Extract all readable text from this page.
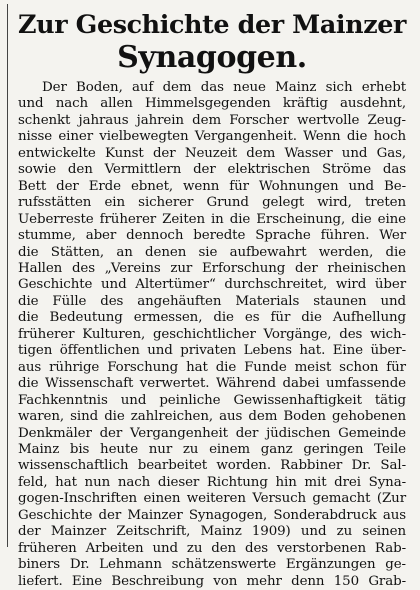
Zur Geschichte der Mainzer
Synagogen.
Der Boden, auf dem das neue Mainz sich erhebt
und nach allen Himmelsgegenden kräftig ausdehnt,
schenkt jahraus jahrein dem Forscher wertvolle Zeug-
nisse einer vielbewegten Vergangenheit. Wenn die hoch
entwickelte Kunst der Neuzeit dem Wasser und Gas,
sowie den Vermittlern der elektrischen Ströme das
Bett der Erde ebnet, wenn für Wohnungen und Be-
rufsstätten ein sicherer Grund gelegt wird, treten
Ueberreste früherer Zeiten in die Erscheinung, die eine
stumme, aber dennoch beredte Sprache führen. Wer
die Stätten, an denen sie aufbewahrt werden, die
Hallen des „Vereins zur Erforschung der rheinischen
Geschichte und Altertümer“ durchschreitet, wird über
die Fülle des angehäuften Materials staunen und
die Bedeutung ermessen, die es für die Aufhellung
früherer Kulturen, geschichtlicher Vorgänge, des wich-
tigen öffentlichen und privaten Lebens hat. Eine über-
aus rührige Forschung hat die Funde meist schon für
die Wissenschaft verwertet. Während dabei umfassende
Fachkenntnis und peinliche Gewissenhaftigkeit tätig
waren, sind die zahlreichen, aus dem Boden gehobenen
Denkmäler der Vergangenheit der jüdischen Gemeinde
Mainz bis heute nur zu einem ganz geringen Teile
wissenschaftlich bearbeitet worden. Rabbiner Dr. Sal-
feld, hat nun nach dieser Richtung hin mit drei Syna-
gogen-Inschriften einen weiteren Versuch gemacht (Zur
Geschichte der Mainzer Synagogen, Sonderabdruck aus
der Mainzer Zeitschrift, Mainz 1909) und zu seinen
früheren Arbeiten und zu den des verstorbenen Rab-
biners Dr. Lehmann schätzenswerte Ergänzungen ge-
liefert. Eine Beschreibung von mehr denn 150 Grab-
